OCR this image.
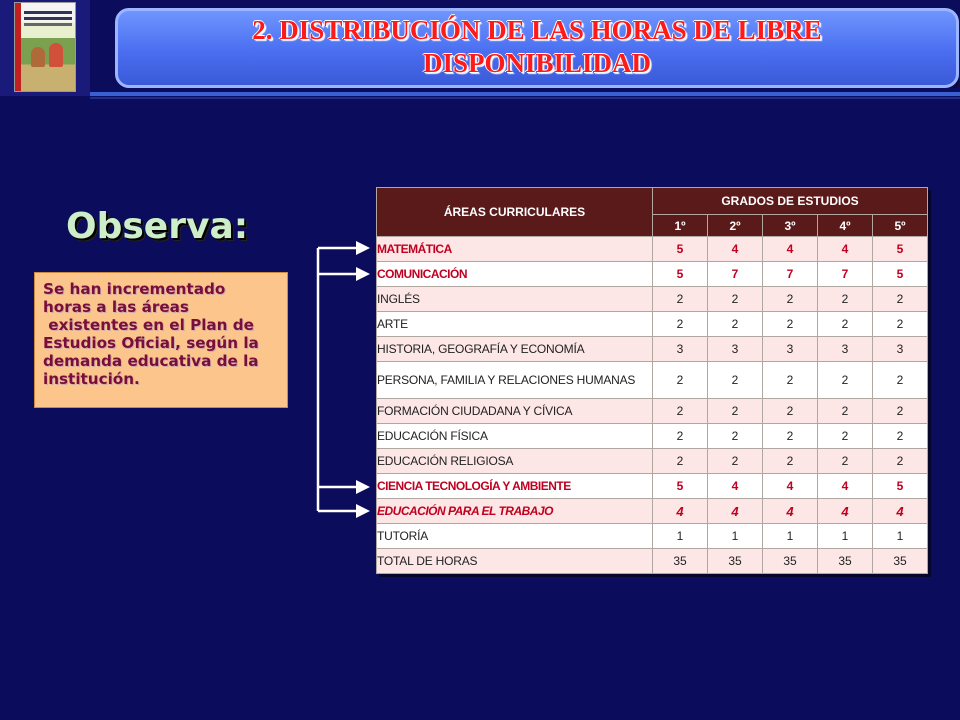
2. DISTRIBUCIÓN DE LAS HORAS DE LIBRE
DISPONIBILIDAD
Observa:
Se han incrementado
horas a las áreas
existentes en el Plan de
Estudios Oficial, según la
demanda educativa de la
institución.
ÁREAS CURRICULARES	GRADOS DE ESTUDIOS				
	1º	2º	3º	4º	5º
MATEMÁTICA	5	4	4	4	5
COMUNICACIÓN	5	7	7	7	5
INGLÉS	2	2	2	2	2
ARTE	2	2	2	2	2
HISTORIA, GEOGRAFÍA Y ECONOMÍA	3	3	3	3	3
PERSONA, FAMILIA Y RELACIONES HUMANAS	2	2	2	2	2
FORMACIÓN CIUDADANA Y CÍVICA	2	2	2	2	2
EDUCACIÓN FÍSICA	2	2	2	2	2
EDUCACIÓN RELIGIOSA	2	2	2	2	2
CIENCIA TECNOLOGÍA Y AMBIENTE	5	4	4	4	5
EDUCACIÓN PARA EL TRABAJO	4	4	4	4	4
TUTORÍA	1	1	1	1	1
TOTAL DE HORAS	35	35	35	35	35
